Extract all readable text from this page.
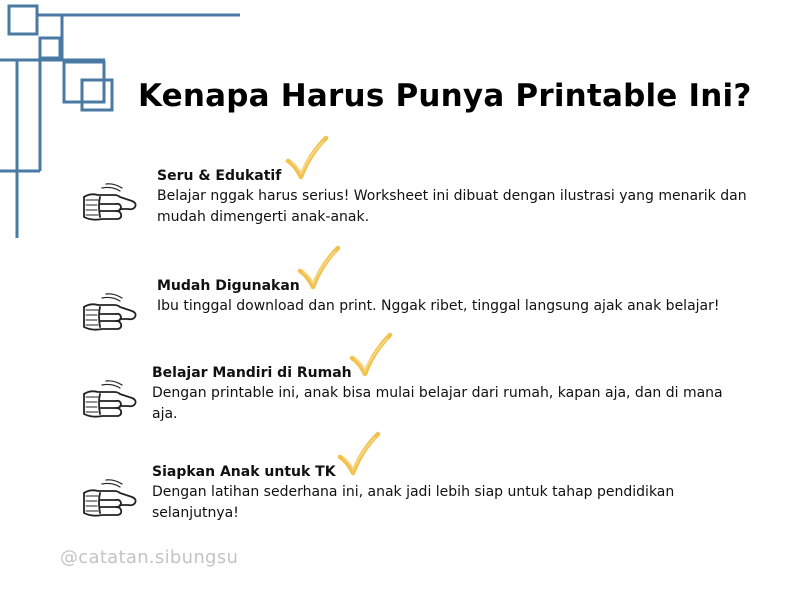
Kenapa Harus Punya Printable Ini?
Seru & Edukatif
Belajar nggak harus serius! Worksheet ini dibuat dengan ilustrasi yang menarik dan mudah dimengerti anak-anak.
Mudah Digunakan
Ibu tinggal download dan print. Nggak ribet, tinggal langsung ajak anak belajar!
Belajar Mandiri di Rumah
Dengan printable ini, anak bisa mulai belajar dari rumah, kapan aja, dan di mana aja.
Siapkan Anak untuk TK
Dengan latihan sederhana ini, anak jadi lebih siap untuk tahap pendidikan selanjutnya!
@catatan.sibungsu
